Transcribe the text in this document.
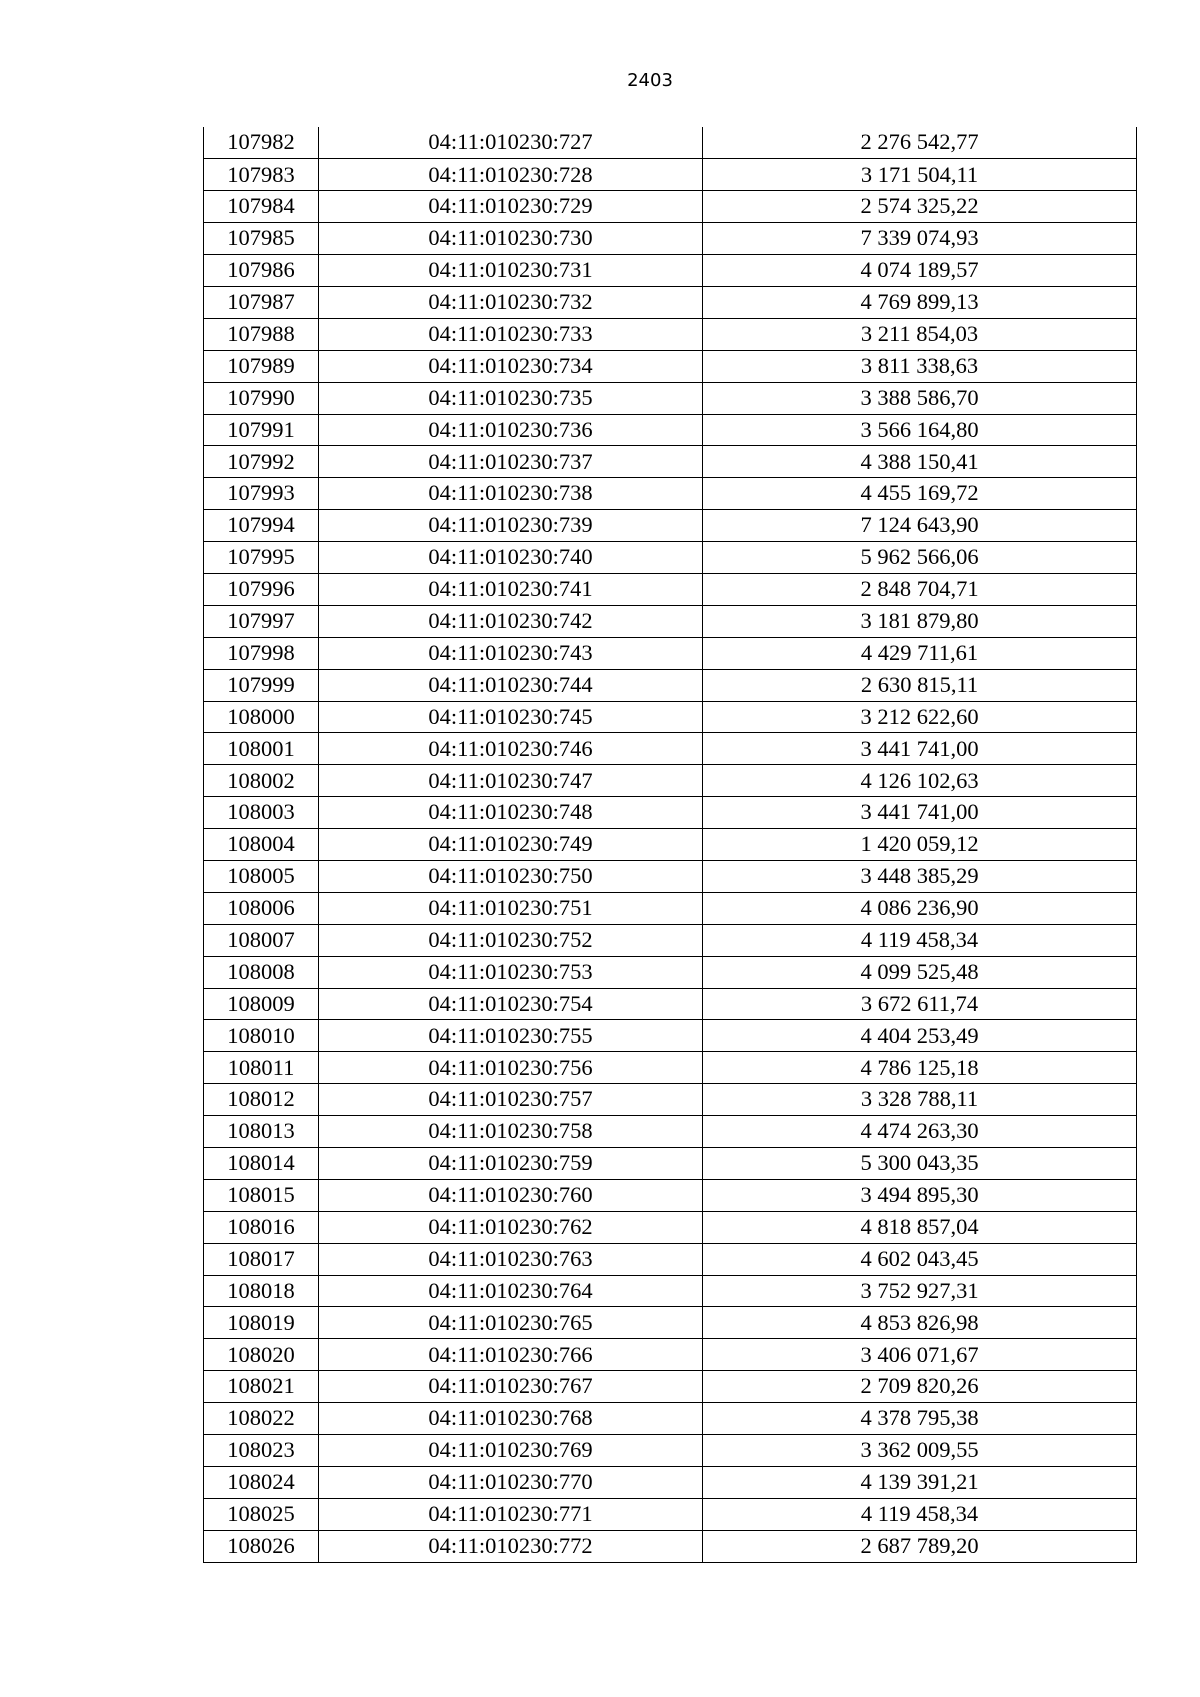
2403
107982	04:11:010230:727	2 276 542,77
107983	04:11:010230:728	3 171 504,11
107984	04:11:010230:729	2 574 325,22
107985	04:11:010230:730	7 339 074,93
107986	04:11:010230:731	4 074 189,57
107987	04:11:010230:732	4 769 899,13
107988	04:11:010230:733	3 211 854,03
107989	04:11:010230:734	3 811 338,63
107990	04:11:010230:735	3 388 586,70
107991	04:11:010230:736	3 566 164,80
107992	04:11:010230:737	4 388 150,41
107993	04:11:010230:738	4 455 169,72
107994	04:11:010230:739	7 124 643,90
107995	04:11:010230:740	5 962 566,06
107996	04:11:010230:741	2 848 704,71
107997	04:11:010230:742	3 181 879,80
107998	04:11:010230:743	4 429 711,61
107999	04:11:010230:744	2 630 815,11
108000	04:11:010230:745	3 212 622,60
108001	04:11:010230:746	3 441 741,00
108002	04:11:010230:747	4 126 102,63
108003	04:11:010230:748	3 441 741,00
108004	04:11:010230:749	1 420 059,12
108005	04:11:010230:750	3 448 385,29
108006	04:11:010230:751	4 086 236,90
108007	04:11:010230:752	4 119 458,34
108008	04:11:010230:753	4 099 525,48
108009	04:11:010230:754	3 672 611,74
108010	04:11:010230:755	4 404 253,49
108011	04:11:010230:756	4 786 125,18
108012	04:11:010230:757	3 328 788,11
108013	04:11:010230:758	4 474 263,30
108014	04:11:010230:759	5 300 043,35
108015	04:11:010230:760	3 494 895,30
108016	04:11:010230:762	4 818 857,04
108017	04:11:010230:763	4 602 043,45
108018	04:11:010230:764	3 752 927,31
108019	04:11:010230:765	4 853 826,98
108020	04:11:010230:766	3 406 071,67
108021	04:11:010230:767	2 709 820,26
108022	04:11:010230:768	4 378 795,38
108023	04:11:010230:769	3 362 009,55
108024	04:11:010230:770	4 139 391,21
108025	04:11:010230:771	4 119 458,34
108026	04:11:010230:772	2 687 789,20
